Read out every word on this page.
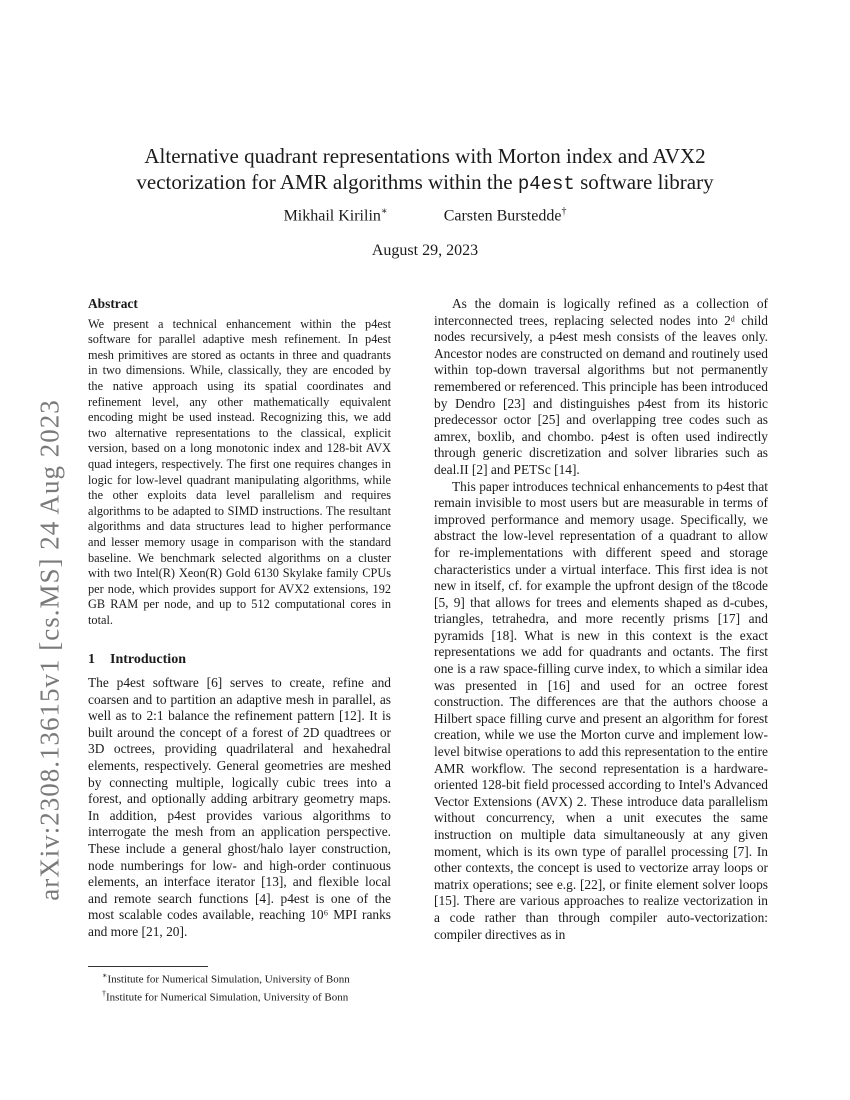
arXiv:2308.13615v1 [cs.MS] 24 Aug 2023
Alternative quadrant representations with Morton index and AVX2
vectorization for AMR algorithms within the p4est software library
Mikhail Kirilin∗	Carsten Burstedde†
August 29, 2023
Abstract

We present a technical enhancement within the p4est software for parallel adaptive mesh refinement. In p4est mesh primitives are stored as octants in three and quadrants in two dimensions. While, classically, they are encoded by the native approach using its spatial coordinates and refinement level, any other mathematically equivalent encoding might be used instead. Recognizing this, we add two alternative representations to the classical, explicit version, based on a long monotonic index and 128-bit AVX quad integers, respectively. The first one requires changes in logic for low-level quadrant manipulating algorithms, while the other exploits data level parallelism and requires algorithms to be adapted to SIMD instructions. The resultant algorithms and data structures lead to higher performance and lesser memory usage in comparison with the standard baseline. We benchmark selected algorithms on a cluster with two Intel(R) Xeon(R) Gold 6130 Skylake family CPUs per node, which provides support for AVX2 extensions, 192 GB RAM per node, and up to 512 computational cores in total.

1 Introduction

The p4est software [6] serves to create, refine and coarsen and to partition an adaptive mesh in parallel, as well as to 2:1 balance the refinement pattern [12]. It is built around the concept of a forest of 2D quadtrees or 3D octrees, providing quadrilateral and hexahedral elements, respectively. General geometries are meshed by connecting multiple, logically cubic trees into a forest, and optionally adding arbitrary geometry maps. In addition, p4est provides various algorithms to interrogate the mesh from an application perspective. These include a general ghost/halo layer construction, node numberings for low- and high-order continuous elements, an interface iterator [13], and flexible local and remote search functions [4]. p4est is one of the most scalable codes available, reaching 10⁶ MPI ranks and more [21, 20].

As the domain is logically refined as a collection of interconnected trees, replacing selected nodes into 2ᵈ child nodes recursively, a p4est mesh consists of the leaves only. Ancestor nodes are constructed on demand and routinely used within top-down traversal algorithms but not permanently remembered or referenced. This principle has been introduced by Dendro [23] and distinguishes p4est from its historic predecessor octor [25] and overlapping tree codes such as amrex, boxlib, and chombo. p4est is often used indirectly through generic discretization and solver libraries such as deal.II [2] and PETSc [14].

This paper introduces technical enhancements to p4est that remain invisible to most users but are measurable in terms of improved performance and memory usage. Specifically, we abstract the low-level representation of a quadrant to allow for re-implementations with different speed and storage characteristics under a virtual interface. This first idea is not new in itself, cf. for example the upfront design of the t8code [5, 9] that allows for trees and elements shaped as d-cubes, triangles, tetrahedra, and more recently prisms [17] and pyramids [18]. What is new in this context is the exact representations we add for quadrants and octants. The first one is a raw space-filling curve index, to which a similar idea was presented in [16] and used for an octree forest construction. The differences are that the authors choose a Hilbert space filling curve and present an algorithm for forest creation, while we use the Morton curve and implement low-level bitwise operations to add this representation to the entire AMR workflow. The second representation is a hardware-oriented 128-bit field processed according to Intel's Advanced Vector Extensions (AVX) 2. These introduce data parallelism without concurrency, when a unit executes the same instruction on multiple data simultaneously at any given moment, which is its own type of parallel processing [7]. In other contexts, the concept is used to vectorize array loops or matrix operations; see e.g. [22], or finite element solver loops [15]. There are various approaches to realize vectorization in a code rather than through compiler auto-vectorization: compiler directives as in

∗Institute for Numerical Simulation, University of Bonn
†Institute for Numerical Simulation, University of Bonn
